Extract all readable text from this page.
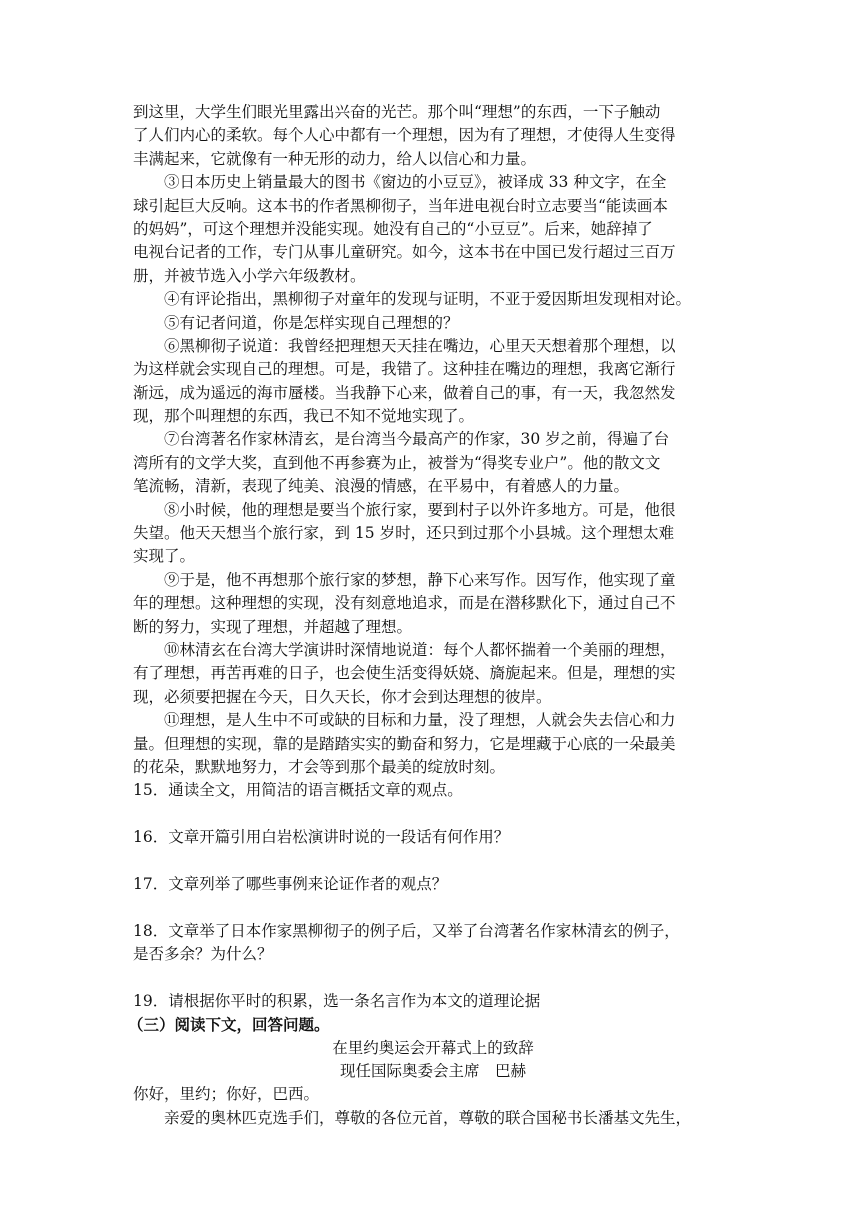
到这里，大学生们眼光里露出兴奋的光芒。那个叫“理想”的东西，一下子触动
了人们内心的柔软。每个人心中都有一个理想，因为有了理想，才使得人生变得
丰满起来，它就像有一种无形的动力，给人以信心和力量。
③日本历史上销量最大的图书《窗边的小豆豆》，被译成 33 种文字，在全
球引起巨大反响。这本书的作者黑柳彻子，当年进电视台时立志要当“能读画本
的妈妈”，可这个理想并没能实现。她没有自己的“小豆豆”。后来，她辞掉了
电视台记者的工作，专门从事儿童研究。如今，这本书在中国已发行超过三百万
册，并被节选入小学六年级教材。
④有评论指出，黑柳彻子对童年的发现与证明，不亚于爱因斯坦发现相对论。
⑤有记者问道，你是怎样实现自己理想的？
⑥黑柳彻子说道：我曾经把理想天天挂在嘴边，心里天天想着那个理想，以
为这样就会实现自己的理想。可是，我错了。这种挂在嘴边的理想，我离它渐行
渐远，成为遥远的海市蜃楼。当我静下心来，做着自己的事，有一天，我忽然发
现，那个叫理想的东西，我已不知不觉地实现了。
⑦台湾著名作家林清玄，是台湾当今最高产的作家，30 岁之前，得遍了台
湾所有的文学大奖，直到他不再参赛为止，被誉为“得奖专业户”。他的散文文
笔流畅，清新，表现了纯美、浪漫的情感，在平易中，有着感人的力量。
⑧小时候，他的理想是要当个旅行家，要到村子以外许多地方。可是，他很
失望。他天天想当个旅行家，到 15 岁时，还只到过那个小县城。这个理想太难
实现了。
⑨于是，他不再想那个旅行家的梦想，静下心来写作。因写作，他实现了童
年的理想。这种理想的实现，没有刻意地追求，而是在潜移默化下，通过自己不
断的努力，实现了理想，并超越了理想。
⑩林清玄在台湾大学演讲时深情地说道：每个人都怀揣着一个美丽的理想，
有了理想，再苦再难的日子，也会使生活变得妖娆、旖旎起来。但是，理想的实
现，必须要把握在今天，日久天长，你才会到达理想的彼岸。
⑪理想，是人生中不可或缺的目标和力量，没了理想，人就会失去信心和力
量。但理想的实现，靠的是踏踏实实的勤奋和努力，它是埋藏于心底的一朵最美
的花朵，默默地努力，才会等到那个最美的绽放时刻。
15．通读全文，用简洁的语言概括文章的观点。
16．文章开篇引用白岩松演讲时说的一段话有何作用？
17．文章列举了哪些事例来论证作者的观点？
18．文章举了日本作家黑柳彻子的例子后，又举了台湾著名作家林清玄的例子，
是否多余？为什么？
19．请根据你平时的积累，选一条名言作为本文的道理论据
（三）阅读下文，回答问题。
在里约奥运会开幕式上的致辞
现任国际奥委会主席　巴赫
你好，里约；你好，巴西。
亲爱的奥林匹克选手们，尊敬的各位元首，尊敬的联合国秘书长潘基文先生，
